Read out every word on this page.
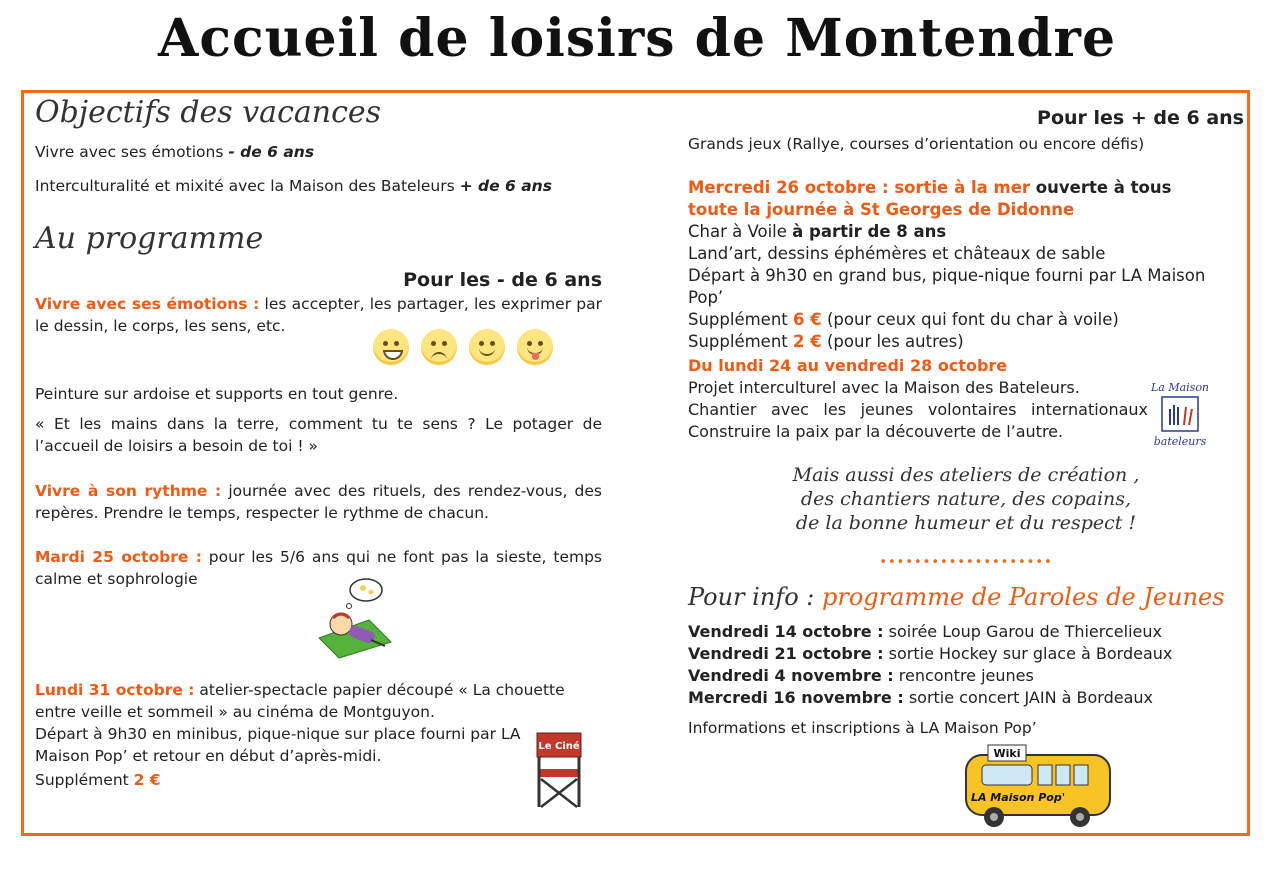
Accueil de loisirs de Montendre
Objectifs des vacances

Vivre avec ses émotions - de 6 ans

Interculturalité et mixité avec la Maison des Bateleurs + de 6 ans

Au programme
Pour les - de 6 ans

Vivre avec ses émotions : les accepter, les partager, les exprimer par le dessin, le corps, les sens, etc.

Peinture sur ardoise et supports en tout genre.

« Et les mains dans la terre, comment tu te sens ? Le potager de l’accueil de loisirs a besoin de toi ! »

Vivre à son rythme : journée avec des rituels, des rendez-vous, des repères. Prendre le temps, respecter le rythme de chacun.

Mardi 25 octobre : pour les 5/6 ans qui ne font pas la sieste, temps calme et sophrologie

Lundi 31 octobre : atelier-spectacle papier découpé « La chouette entre veille et sommeil » au cinéma de Montguyon.

Départ à 9h30 en minibus, pique-nique sur place fourni par LA Maison Pop’ et retour en début d’après-midi.

Supplément 2 €

Le Ciné
Pour les + de 6 ans

Grands jeux (Rallye, courses d’orientation ou encore défis)

Mercredi 26 octobre : sortie à la mer ouverte à tous
toute la journée à St Georges de Didonne
Char à Voile à partir de 8 ans
Land’art, dessins éphémères et châteaux de sable
Départ à 9h30 en grand bus, pique-nique fourni par LA Maison Pop’
Supplément 6 € (pour ceux qui font du char à voile)
Supplément 2 € (pour les autres)
Du lundi 24 au vendredi 28 octobre
Projet interculturel avec la Maison des Bateleurs.
Chantier avec les jeunes volontaires internationaux
Construire la paix par la découverte de l’autre.
La Maison
bateleurs
Mais aussi des ateliers de création ,
des chantiers nature, des copains,
de la bonne humeur et du respect !
••••••••••••••••••••
Pour info : programme de Paroles de Jeunes
Vendredi 14 octobre : soirée Loup Garou de Thiercelieux
Vendredi 21 octobre : sortie Hockey sur glace à Bordeaux
Vendredi 4 novembre : rencontre jeunes
Mercredi 16 novembre : sortie concert JAIN à Bordeaux

Informations et inscriptions à LA Maison Pop’

Wiki
LA Maison Pop'
